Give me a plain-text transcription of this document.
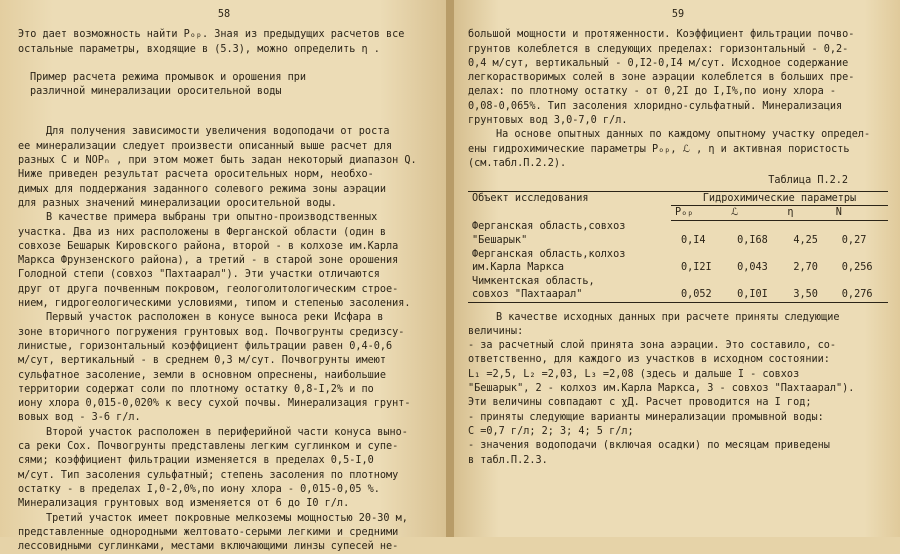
58

Это дает возможность найти Pₒₚ. Зная из предыдущих расчетов все

остальные параметры, входящие в (5.3), можно определить η .

Пример расчета режима промывок и орошения при

различной минерализации оросительной воды

Для получения зависимости увеличения водоподачи от роста

ее минерализации следует произвести описанный выше расчет для

разных C и NOPₙ , при этом может быть задан некоторый диапазон Q.

Ниже приведен результат расчета оросительных норм, необхо-

димых для поддержания заданного солевого режима зоны аэрации

для разных значений минерализации оросительной воды.

В качестве примера выбраны три опытно-производственных

участка. Два из них расположены в Ферганской области (один в

совхозе Бешарык Кировского района, второй - в колхозе им.Карла

Маркса Фрунзенского района), а третий - в старой зоне орошения

Голодной степи (совхоз "Пахтаарал"). Эти участки отличаются

друг от друга почвенным покровом, геологолитологическим строе-

нием, гидрогеологическими условиями, типом и степенью засоления.

Первый участок расположен в конусе выноса реки Исфара в

зоне вторичного погружения грунтовых вод. Почвогрунты средизсу-

линистые, горизонтальный коэффициент фильтрации равен 0,4-0,6

м/сут, вертикальный - в среднем 0,3 м/сут. Почвогрунты имеют

сульфатное засоление, земли в основном опреснены, наибольшие

территории содержат соли по плотному остатку 0,8-I,2% и по

иону хлора 0,015-0,020% к весу сухой почвы. Минерализация грунт-

вовых вод - 3-6 г/л.

Второй участок расположен в периферийной части конуса выно-

са реки Сох. Почвогрунты представлены легким суглинком и супе-

сями; коэффициент фильтрации изменяется в пределах 0,5-I,0

м/сут. Тип засоления сульфатный; степень засоления по плотному

остатку - в пределах I,0-2,0%,по иону хлора - 0,015-0,05 %.

Минерализация грунтовых вод изменяется от 6 до I0 г/л.

Третий участок имеет покровные мелкоземы мощностью 20-30 м,

представленные однородными желтовато-серыми легкими и средними

лессовидными суглинками, местами включающими линзы супесей не-

59

большой мощности и протяженности. Коэффициент фильтрации почво-

грунтов колеблется в следующих пределах: горизонтальный - 0,2-

0,4 м/сут, вертикальный - 0,I2-0,I4 м/сут. Исходное содержание

легкорастворимых солей в зоне аэрации колеблется в больших пре-

делах: по плотному остатку - от 0,2I до I,I%,по иону хлора -

0,08-0,065%. Тип засоления хлоридно-сульфатный. Минерализация

грунтовых вод 3,0-7,0 г/л.

На основе опытных данных по каждому опытному участку определ-

ены гидрохимические параметры Pₒₚ, ℒ , η и активная пористость

(см.табл.П.2.2).

Таблица П.2.2
Объект исследования	Гидрохимические параметры			
	Pₒₚ	ℒ	η	N

Ферганская область,совхоз
"Бешарык"	0,I4	0,I68	4,25	0,27

Ферганская область,колхоз
им.Карла Маркса	0,I2I	0,043	2,70	0,256

Чимкентская область,
совхоз "Пахтаарал"	0,052	0,I0I	3,50	0,276

В качестве исходных данных при расчете приняты следующие

величины:

- за расчетный слой принята зона аэрации. Это составило, со-

ответственно, для каждого из участков в исходном состоянии:

L₁ =2,5, L₂ =2,03, L₃ =2,08 (здесь и дальше I - совхоз

"Бешарык", 2 - колхоз им.Карла Маркса, 3 - совхоз "Пахтаарал").

Эти величины совпадают с χД. Расчет проводится на I год;

- приняты следующие варианты минерализации промывной воды:

C =0,7 г/л; 2; 3; 4; 5 г/л;

- значения водоподачи (включая осадки) по месяцам приведены

в табл.П.2.3.
